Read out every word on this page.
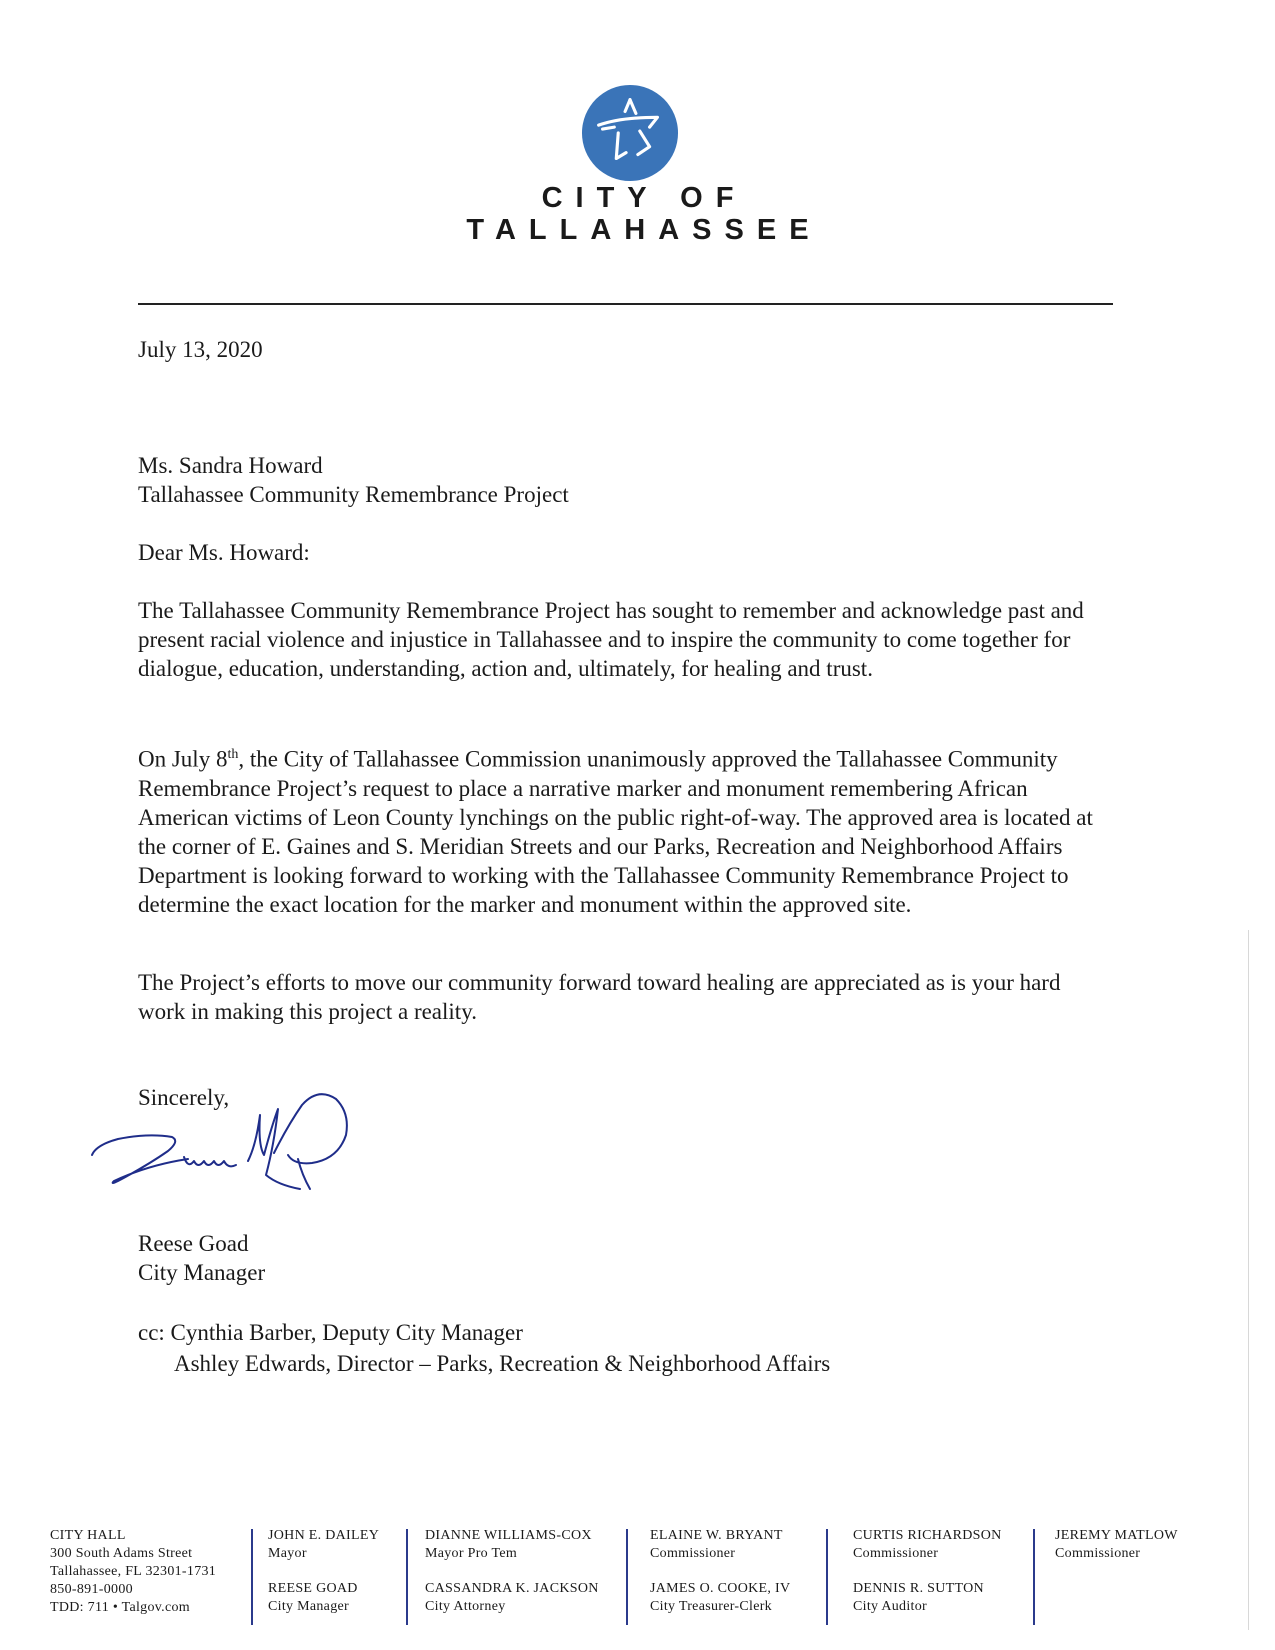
CITY OF
TALLAHASSEE
July 13, 2020
Ms. Sandra Howard
Tallahassee Community Remembrance Project
Dear Ms. Howard:

The Tallahassee Community Remembrance Project has sought to remember and acknowledge past and present racial violence and injustice in Tallahassee and to inspire the community to come together for dialogue, education, understanding, action and, ultimately, for healing and trust.

On July 8th, the City of Tallahassee Commission unanimously approved the Tallahassee Community Remembrance Project’s request to place a narrative marker and monument remembering African American victims of Leon County lynchings on the public right-of-way. The approved area is located at the corner of E. Gaines and S. Meridian Streets and our Parks, Recreation and Neighborhood Affairs Department is looking forward to working with the Tallahassee Community Remembrance Project to determine the exact location for the marker and monument within the approved site.

The Project’s efforts to move our community forward toward healing are appreciated as is your hard work in making this project a reality.

Sincerely,
Reese Goad
City Manager
cc: Cynthia Barber, Deputy City Manager
Ashley Edwards, Director – Parks, Recreation & Neighborhood Affairs
CITY HALL
300 South Adams Street
Tallahassee, FL 32301-1731
850-891-0000
TDD: 711 • Talgov.com
JOHN E. DAILEY
Mayor
REESE GOAD
City Manager
DIANNE WILLIAMS-COX
Mayor Pro Tem
CASSANDRA K. JACKSON
City Attorney
ELAINE W. BRYANT
Commissioner
JAMES O. COOKE, IV
City Treasurer-Clerk
CURTIS RICHARDSON
Commissioner
DENNIS R. SUTTON
City Auditor
JEREMY MATLOW
Commissioner
